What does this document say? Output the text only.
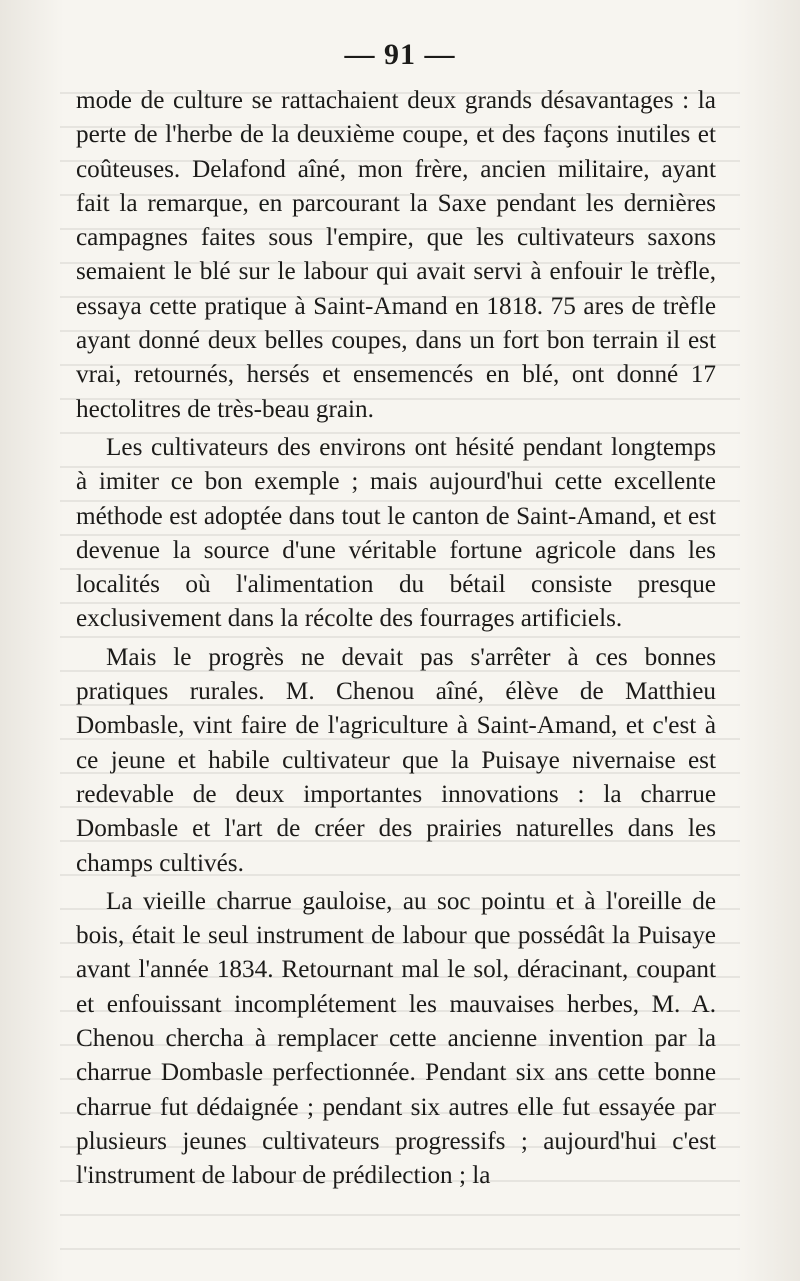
— 91 —

mode de culture se rattachaient deux grands désavantages : la perte de l'herbe de la deuxième coupe, et des façons inutiles et coûteuses. Delafond aîné, mon frère, ancien militaire, ayant fait la remarque, en parcourant la Saxe pendant les dernières campagnes faites sous l'empire, que les cultivateurs saxons semaient le blé sur le labour qui avait servi à enfouir le trèfle, essaya cette pratique à Saint-Amand en 1818. 75 ares de trèfle ayant donné deux belles coupes, dans un fort bon terrain il est vrai, retournés, hersés et ensemencés en blé, ont donné 17 hectolitres de très-beau grain.

Les cultivateurs des environs ont hésité pendant longtemps à imiter ce bon exemple ; mais aujourd'hui cette excellente méthode est adoptée dans tout le canton de Saint-Amand, et est devenue la source d'une véritable fortune agricole dans les localités où l'alimentation du bétail consiste presque exclusivement dans la récolte des fourrages artificiels.

Mais le progrès ne devait pas s'arrêter à ces bonnes pratiques rurales. M. Chenou aîné, élève de Matthieu Dombasle, vint faire de l'agriculture à Saint-Amand, et c'est à ce jeune et habile cultivateur que la Puisaye nivernaise est redevable de deux importantes innovations : la charrue Dombasle et l'art de créer des prairies naturelles dans les champs cultivés.

La vieille charrue gauloise, au soc pointu et à l'oreille de bois, était le seul instrument de labour que possédât la Puisaye avant l'année 1834. Retournant mal le sol, déracinant, coupant et enfouissant incomplétement les mauvaises herbes, M. A. Chenou chercha à remplacer cette ancienne invention par la charrue Dombasle perfectionnée. Pendant six ans cette bonne charrue fut dédaignée ; pendant six autres elle fut essayée par plusieurs jeunes cultivateurs progressifs ; aujourd'hui c'est l'instrument de labour de prédilection ; la
